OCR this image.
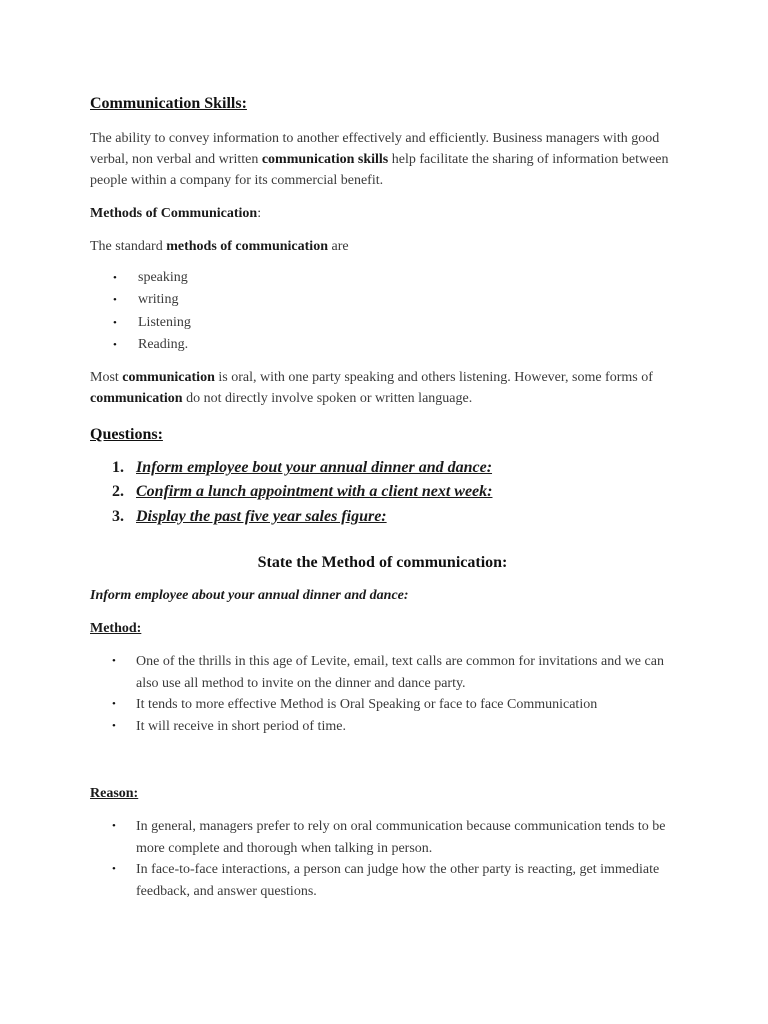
Communication Skills:

The ability to convey information to another effectively and efficiently. Business managers with good verbal, non verbal and written communication skills help facilitate the sharing of information between people within a company for its commercial benefit.

Methods of Communication:

The standard methods of communication are

• speaking
• writing
• Listening
• Reading.

Most communication is oral, with one party speaking and others listening. However, some forms of communication do not directly involve spoken or written language.

Questions:

1. Inform employee bout your annual dinner and dance:
2. Confirm a lunch appointment with a client next week:
3. Display the past five year sales figure:

State the Method of communication:

Inform employee about your annual dinner and dance:

Method:

• One of the thrills in this age of Levite, email, text calls are common for invitations and we can also use all method to invite on the dinner and dance party.
• It tends to more effective Method is Oral Speaking or face to face Communication
• It will receive in short period of time.

Reason:

• In general, managers prefer to rely on oral communication because communication tends to be more complete and thorough when talking in person.
• In face-to-face interactions, a person can judge how the other party is reacting, get immediate feedback, and answer questions.
